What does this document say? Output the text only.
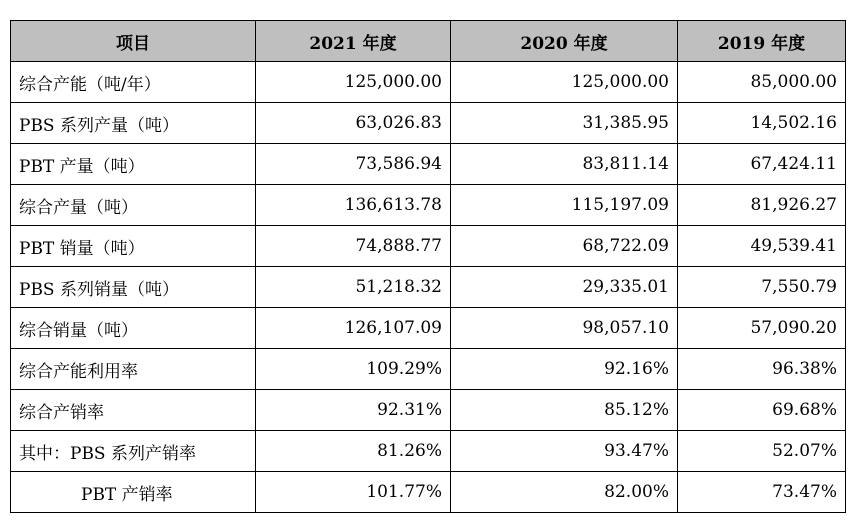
项目	2021 年度	2020 年度	2019 年度
综合产能（吨/年）	125,000.00	125,000.00	85,000.00
PBS 系列产量（吨）	63,026.83	31,385.95	14,502.16
PBT 产量（吨）	73,586.94	83,811.14	67,424.11
综合产量（吨）	136,613.78	115,197.09	81,926.27
PBT 销量（吨）	74,888.77	68,722.09	49,539.41
PBS 系列销量（吨）	51,218.32	29,335.01	7,550.79
综合销量（吨）	126,107.09	98,057.10	57,090.20
综合产能利用率	109.29%	92.16%	96.38%
综合产销率	92.31%	85.12%	69.68%
其中：PBS 系列产销率	81.26%	93.47%	52.07%
PBT 产销率	101.77%	82.00%	73.47%
